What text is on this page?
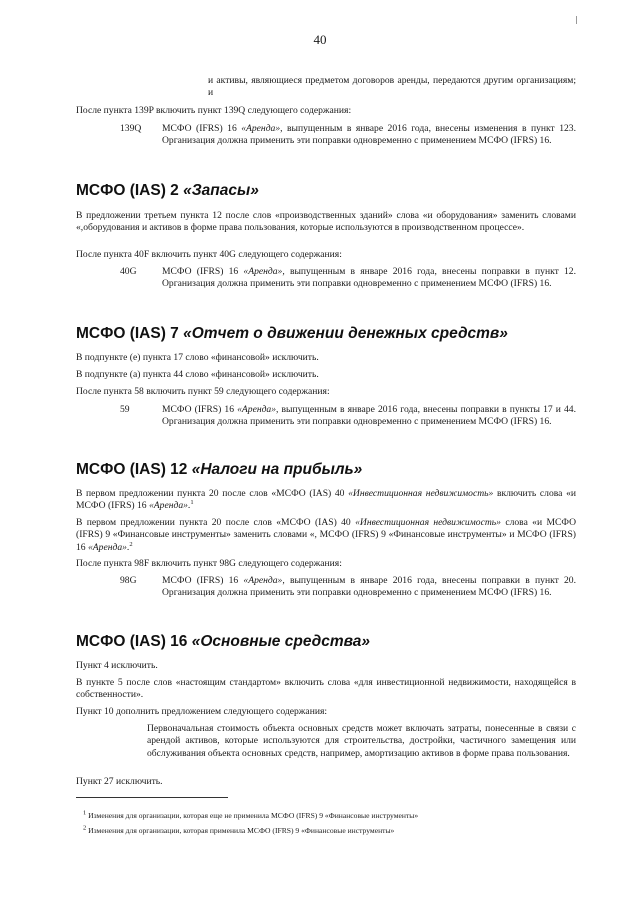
40
и активы, являющиеся предметом договоров аренды, передаются другим организациям; и
После пункта 139P включить пункт 139Q следующего содержания:
139Q МСФО (IFRS) 16 «Аренда», выпущенным в январе 2016 года, внесены изменения в пункт 123. Организация должна применить эти поправки одновременно с применением МСФО (IFRS) 16.
МСФО (IAS) 2 «Запасы»
В предложении третьем пункта 12 после слов «производственных зданий» слова «и оборудования» заменить словами «,оборудования и активов в форме права пользования, которые используются в производственном процессе».
После пункта 40F включить пункт 40G следующего содержания:
40G	МСФО (IFRS) 16 «Аренда», выпущенным в январе 2016 года, внесены поправки в пункт 12. Организация должна применить эти поправки одновременно с применением МСФО (IFRS) 16.
МСФО (IAS) 7 «Отчет о движении денежных средств»
В подпункте (e) пункта 17 слово «финансовой» исключить.
В подпункте (a) пункта 44 слово «финансовой» исключить.
После пункта 58 включить пункт 59 следующего содержания:
59	МСФО (IFRS) 16 «Аренда», выпущенным в январе 2016 года, внесены поправки в пункты 17 и 44. Организация должна применить эти поправки одновременно с применением МСФО (IFRS) 16.
МСФО (IAS) 12 «Налоги на прибыль»
В первом предложении пункта 20 после слов «МСФО (IAS) 40 «Инвестиционная недвижимость» включить слова «и МСФО (IFRS) 16 «Аренда».$^1$
В первом предложении пункта 20 после слов «МСФО (IAS) 40 «Инвестиционная недвижимость» слова «и МСФО (IFRS) 9 «Финансовые инструменты» заменить словами «, МСФО (IFRS) 9 «Финансовые инструменты» и МСФО (IFRS) 16 «Аренда».$^2$
После пункта 98F включить пункт 98G следующего содержания:
98G	МСФО (IFRS) 16 «Аренда», выпущенным в январе 2016 года, внесены поправки в пункт 20. Организация должна применить эти поправки одновременно с применением МСФО (IFRS) 16.
МСФО (IAS) 16 «Основные средства»
Пункт 4 исключить.
В пункте 5 после слов «настоящим стандартом» включить слова «для инвестиционной недвижимости, находящейся в собственности».
Пункт 10 дополнить предложением следующего содержания:
Первоначальная стоимость объекта основных средств может включать затраты, понесенные в связи с арендой активов, которые используются для строительства, достройки, частичного замещения или обслуживания объекта основных средств, например, амортизацию активов в форме права пользования.
Пункт 27 исключить.
$^1$ Изменения для организации, которая еще не применила МСФО (IFRS) 9 «Финансовые инструменты»
$^2$ Изменения для организации, которая применила МСФО (IFRS) 9 «Финансовые инструменты»
